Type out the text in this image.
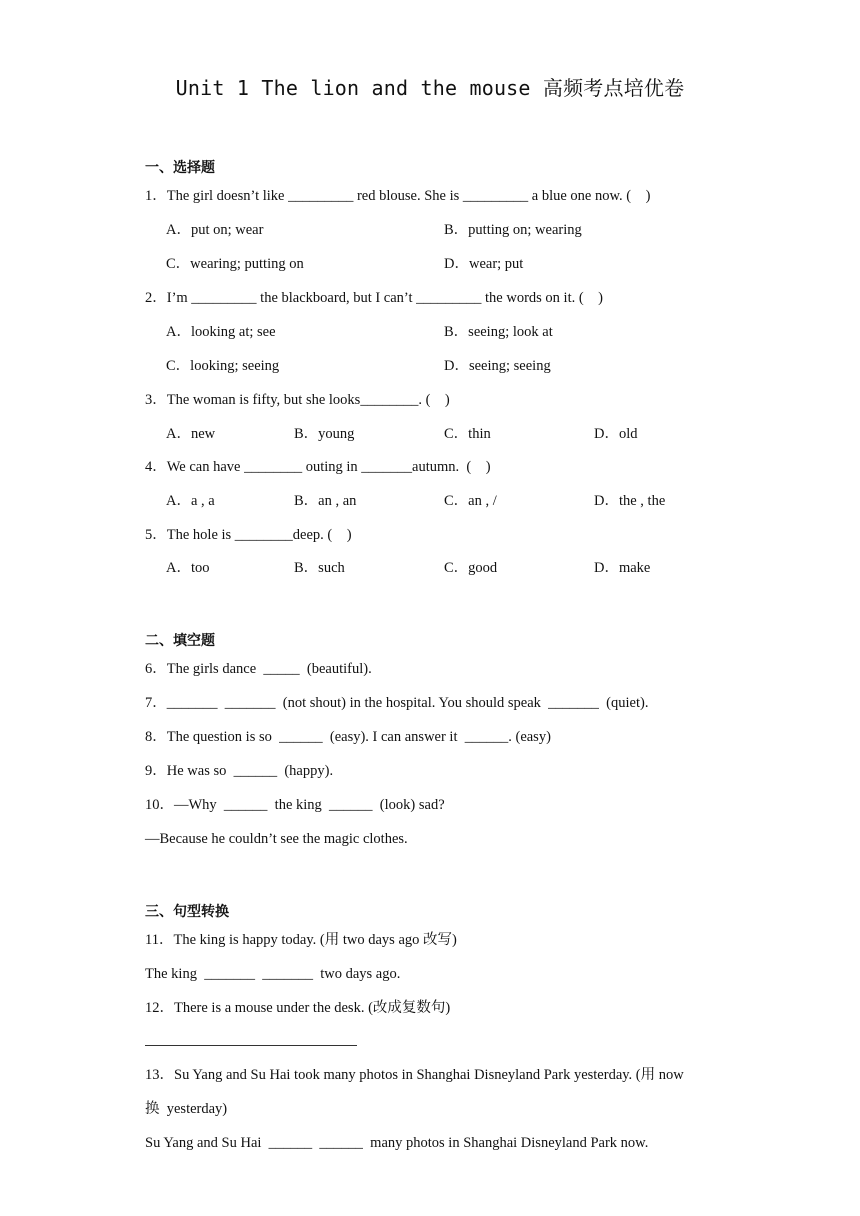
Unit 1 The lion and the mouse 高频考点培优卷
一、选择题
1．The girl doesn’t like _________ red blouse. She is _________ a blue one now. (    )
A．put on; wear	B．putting on; wearing
C．wearing; putting on	D．wear; put
2．I’m _________ the blackboard, but I can’t _________ the words on it. (    )
A．looking at; see	B．seeing; look at
C．looking; seeing	D．seeing; seeing
3．The woman is fifty, but she looks________. (    )
A．new	B．young	C．thin	D．old
4．We can have ________ outing in _______autumn.  (    )
A．a , a	B．an , an	C．an , /	D．the , the
5．The hole is ________deep. (    )
A．too	B．such	C．good	D．make
二、填空题
6．The girls dance  _____  (beautiful).
7．_______  _______  (not shout) in the hospital. You should speak  _______  (quiet).
8．The question is so  ______  (easy). I can answer it  ______. (easy)
9．He was so  ______  (happy).
10．—Why  ______  the king  ______  (look) sad?
—Because he couldn’t see the magic clothes.
三、句型转换
11．The king is happy today. (用 two days ago 改写)
The king  _______  _______  two days ago.
12．There is a mouse under the desk. (改成复数句)
13．Su Yang and Su Hai took many photos in Shanghai Disneyland Park yesterday. (用 now
换  yesterday)
Su Yang and Su Hai  ______  ______  many photos in Shanghai Disneyland Park now.
